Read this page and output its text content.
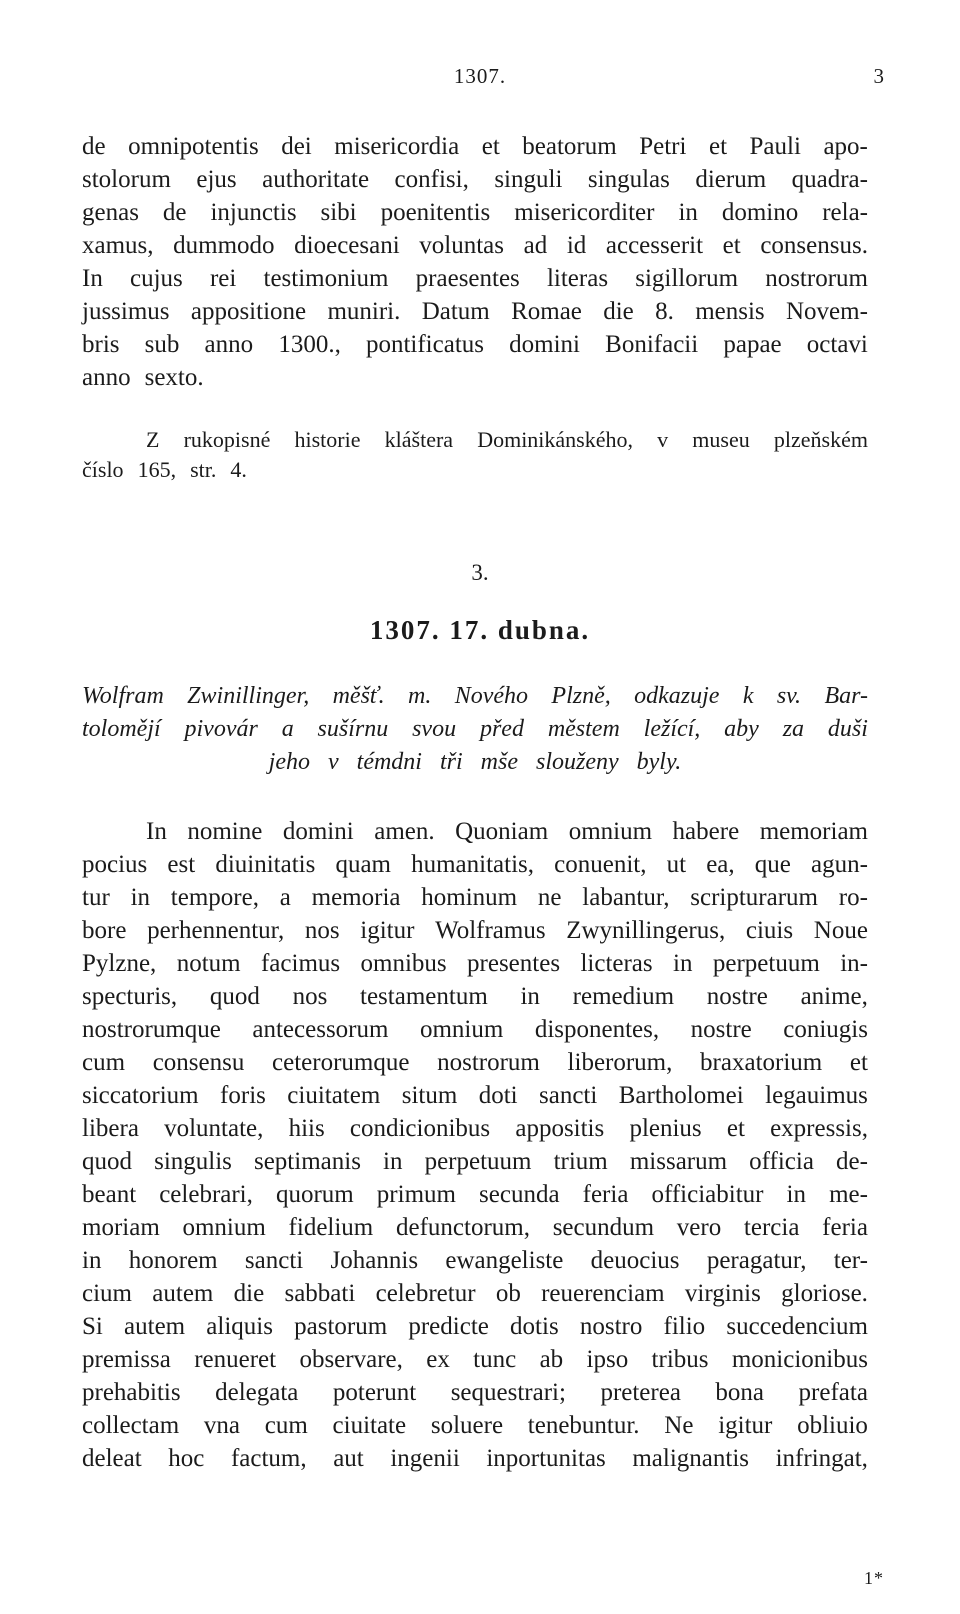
1307.	3
de omnipotentis dei misericordia et beatorum Petri et Pauli apo-
stolorum ejus authoritate confisi, singuli singulas dierum quadra-
genas de injunctis sibi poenitentis misericorditer in domino rela-
xamus, dummodo dioecesani voluntas ad id accesserit et consensus.
In cujus rei testimonium praesentes literas sigillorum nostrorum
jussimus appositione muniri. Datum Romae die 8. mensis Novem-
bris sub anno 1300., pontificatus domini Bonifacii papae octavi
anno sexto.
Z rukopisné historie kláštera Dominikánského, v museu plzeňském
číslo 165, str. 4.
3.
1307. 17. dubna.
Wolfram Zwinillinger, měšť. m. Nového Plzně, odkazuje k sv. Bar-
tolomějí pivovár a sušírnu svou před městem ležící, aby za duši
jeho v témdni tři mše slouženy byly.
In nomine domini amen. Quoniam omnium habere memoriam
pocius est diuinitatis quam humanitatis, conuenit, ut ea, que agun-
tur in tempore, a memoria hominum ne labantur, scripturarum ro-
bore perhennentur, nos igitur Wolframus Zwynillingerus, ciuis Noue
Pylzne, notum facimus omnibus presentes licteras in perpetuum in-
specturis, quod nos testamentum in remedium nostre anime,
nostrorumque antecessorum omnium disponentes, nostre coniugis
cum consensu ceterorumque nostrorum liberorum, braxatorium et
siccatorium foris ciuitatem situm doti sancti Bartholomei legauimus
libera voluntate, hiis condicionibus appositis plenius et expressis,
quod singulis septimanis in perpetuum trium missarum officia de-
beant celebrari, quorum primum secunda feria officiabitur in me-
moriam omnium fidelium defunctorum, secundum vero tercia feria
in honorem sancti Johannis ewangeliste deuocius peragatur, ter-
cium autem die sabbati celebretur ob reuerenciam virginis gloriose.
Si autem aliquis pastorum predicte dotis nostro filio succedencium
premissa renueret observare, ex tunc ab ipso tribus monicionibus
prehabitis delegata poterunt sequestrari; preterea bona prefata
collectam vna cum ciuitate soluere tenebuntur. Ne igitur obliuio
deleat hoc factum, aut ingenii inportunitas malignantis infringat,
1*
